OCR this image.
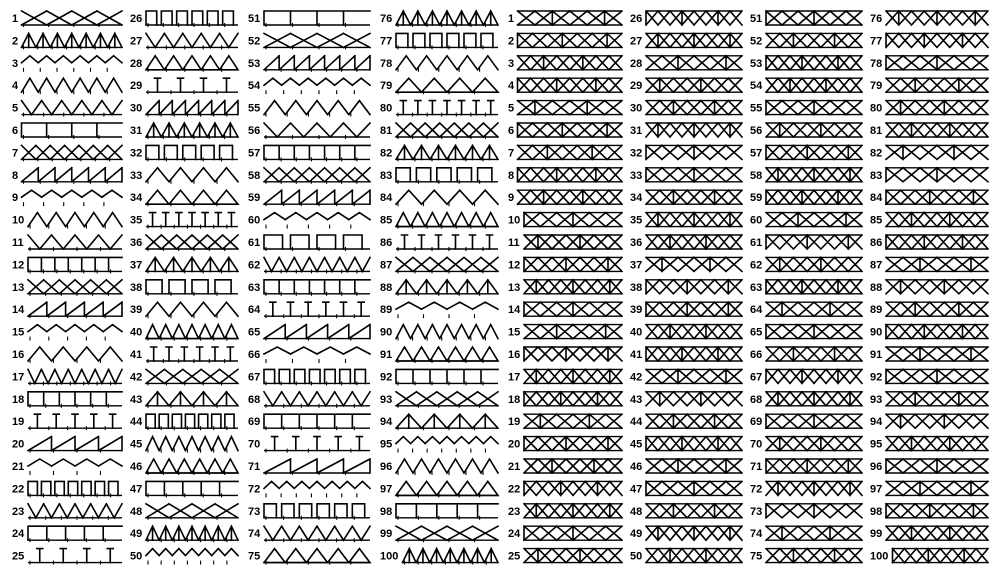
1
2
3
4
5
6
7
8
9
10
11
12
13
14
15
16
17
18
19
20
21
22
23
24
25
26
27
28
29
30
31
32
33
34
35
36
37
38
39
40
41
42
43
44
45
46
47
48
49
50
51
52
53
54
55
56
57
58
59
60
61
62
63
64
65
66
67
68
69
70
71
72
73
74
75
76
77
78
79
80
81
82
83
84
85
86
87
88
89
90
91
92
93
94
95
96
97
98
99
100
1
2
3
4
5
6
7
8
9
10
11
12
13
14
15
16
17
18
19
20
21
22
23
24
25
26
27
28
29
30
31
32
33
34
35
36
37
38
39
40
41
42
43
44
45
46
47
48
49
50
51
52
53
54
55
56
57
58
59
60
61
62
63
64
65
66
67
68
69
70
71
72
73
74
75
76
77
78
79
80
81
82
83
84
85
86
87
88
89
90
91
92
93
94
95
96
97
98
99
100
